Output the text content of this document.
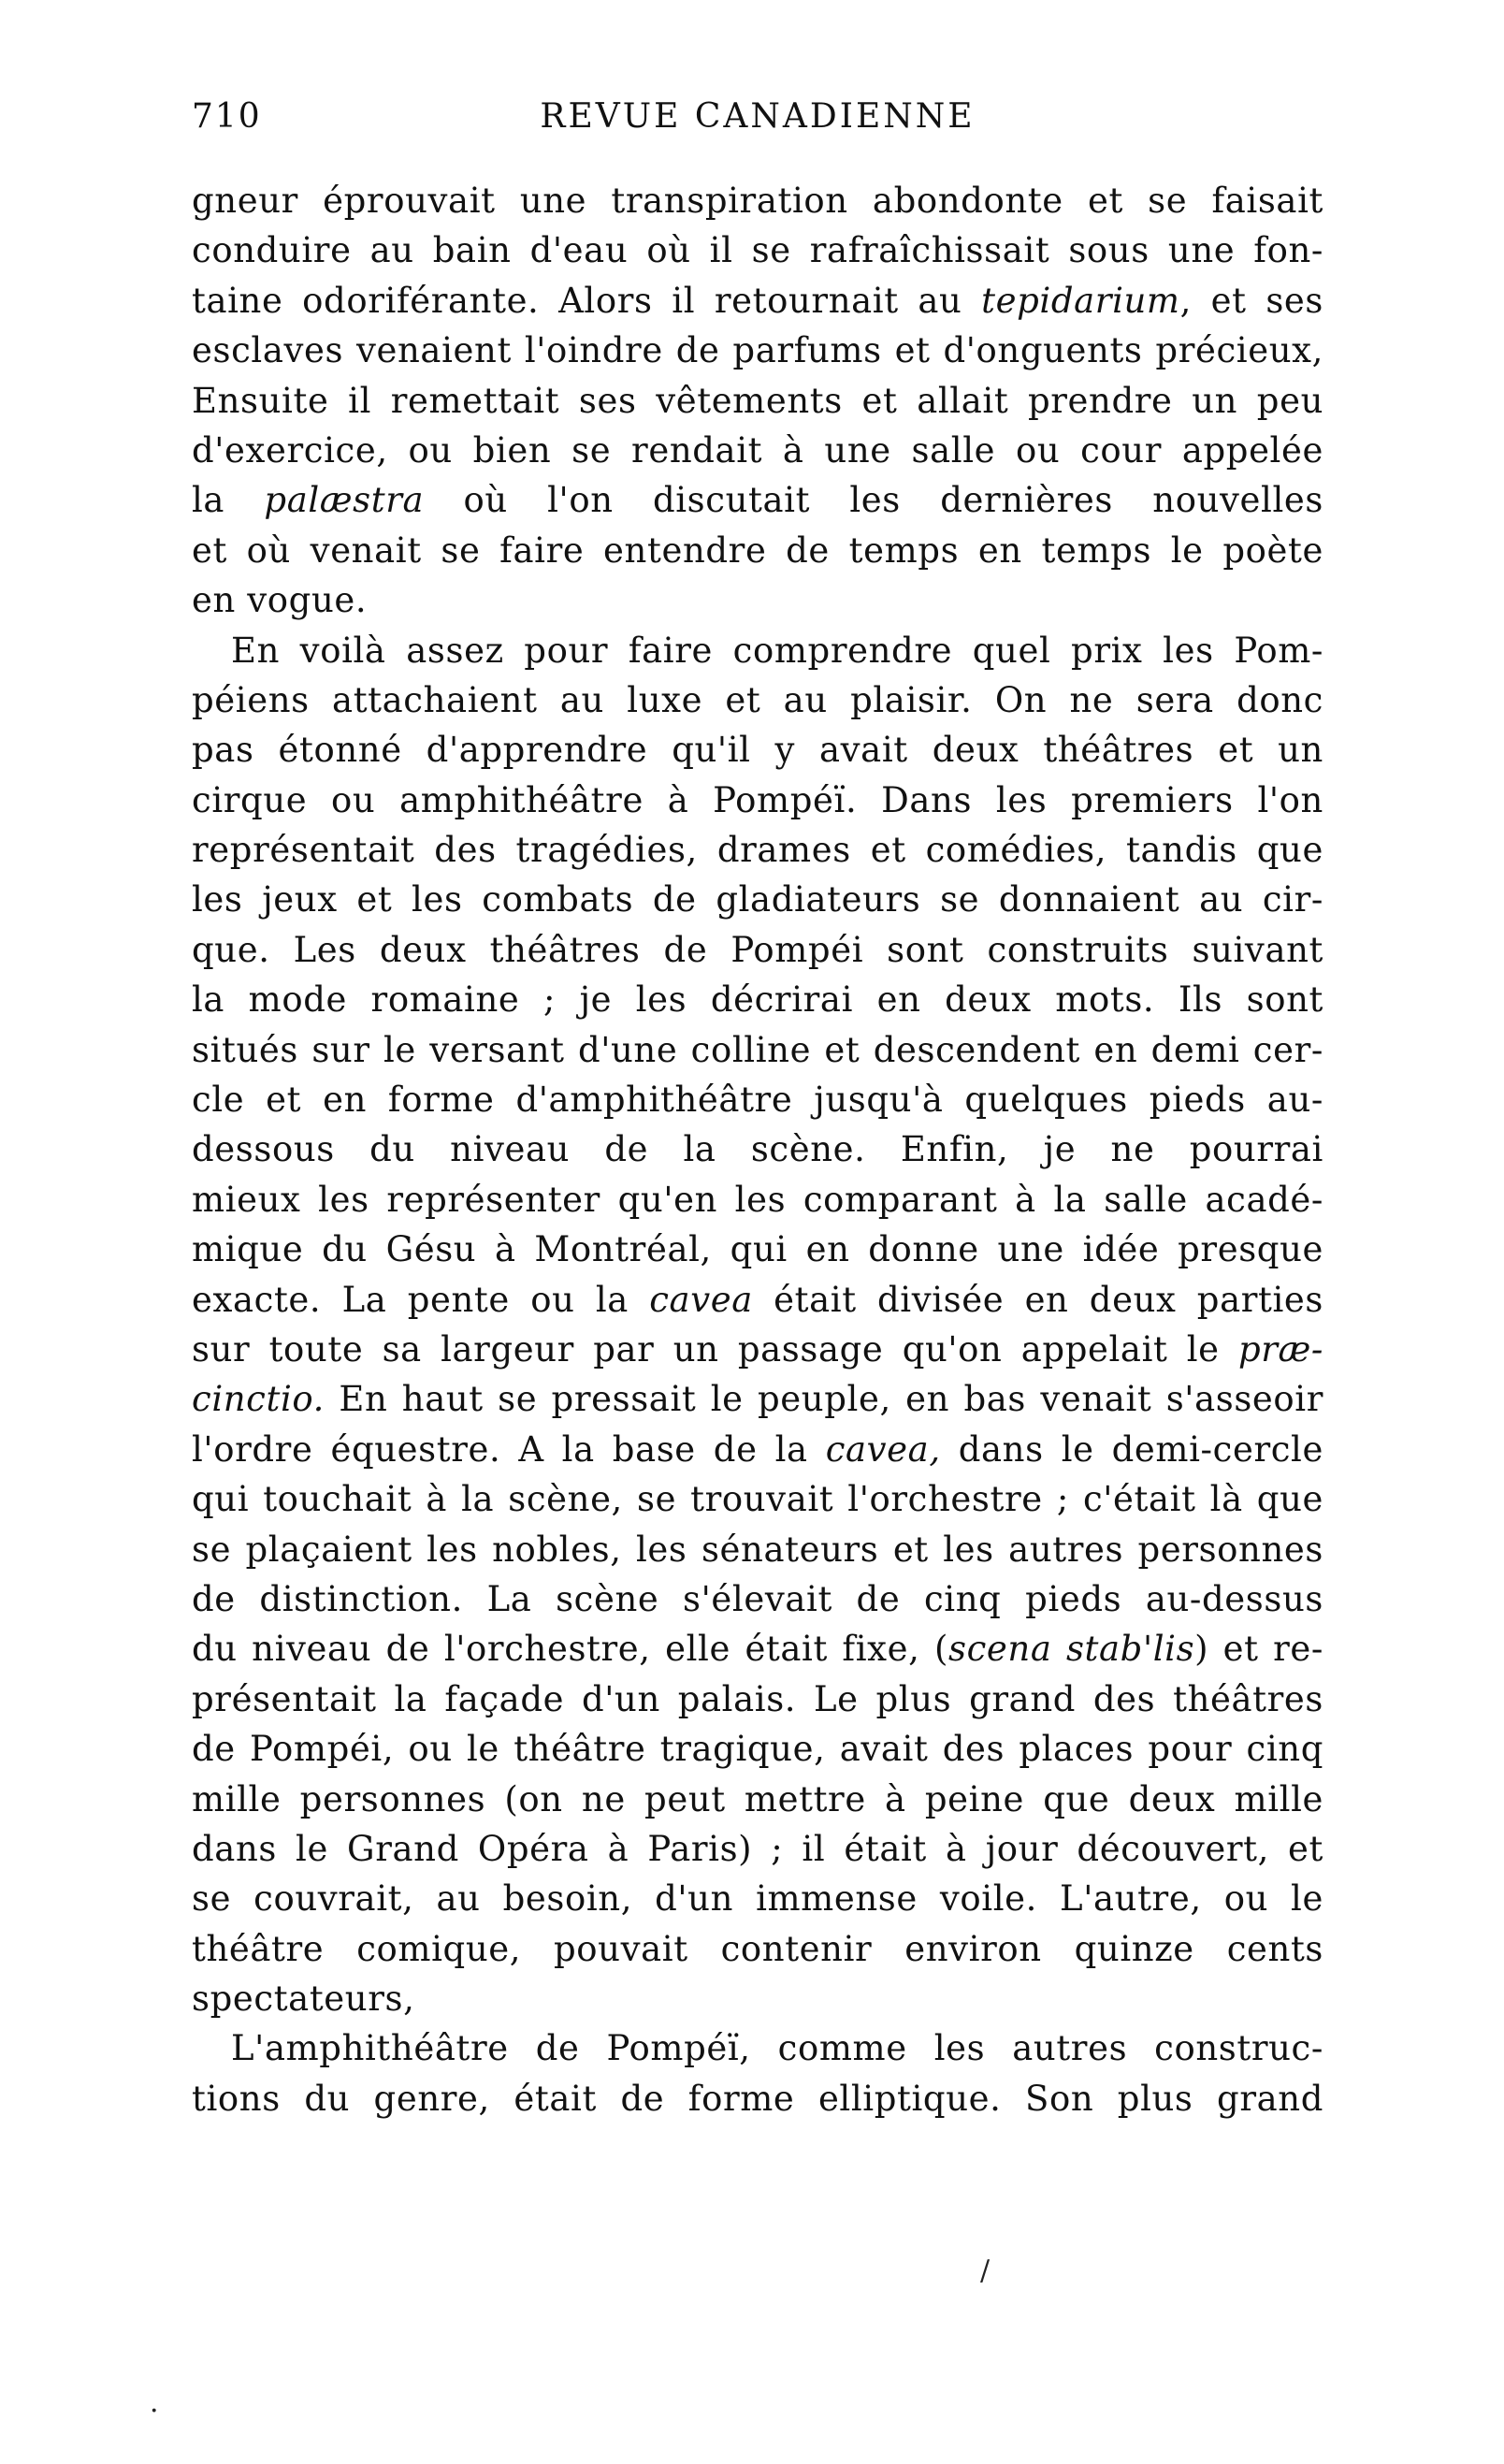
710	REVUE CANADIENNE
gneur éprouvait une transpiration abondonte et se faisait
conduire au bain d'eau où il se rafraîchissait sous une fon-
taine odoriférante. Alors il retournait au tepidarium, et ses
esclaves venaient l'oindre de parfums et d'onguents précieux,
Ensuite il remettait ses vêtements et allait prendre un peu
d'exercice, ou bien se rendait à une salle ou cour appelée
la palæstra où l'on discutait les dernières nouvelles
et où venait se faire entendre de temps en temps le poète
en vogue.
En voilà assez pour faire comprendre quel prix les Pom-
péiens attachaient au luxe et au plaisir. On ne sera donc
pas étonné d'apprendre qu'il y avait deux théâtres et un
cirque ou amphithéâtre à Pompéï. Dans les premiers l'on
représentait des tragédies, drames et comédies, tandis que
les jeux et les combats de gladiateurs se donnaient au cir-
que. Les deux théâtres de Pompéi sont construits suivant
la mode romaine ; je les décrirai en deux mots. Ils sont
situés sur le versant d'une colline et descendent en demi cer-
cle et en forme d'amphithéâtre jusqu'à quelques pieds au-
dessous du niveau de la scène. Enfin, je ne pourrai
mieux les représenter qu'en les comparant à la salle acadé-
mique du Gésu à Montréal, qui en donne une idée presque
exacte. La pente ou la cavea était divisée en deux parties
sur toute sa largeur par un passage qu'on appelait le præ-
cinctio. En haut se pressait le peuple, en bas venait s'asseoir
l'ordre équestre. A la base de la cavea, dans le demi-cercle
qui touchait à la scène, se trouvait l'orchestre ; c'était là que
se plaçaient les nobles, les sénateurs et les autres personnes
de distinction. La scène s'élevait de cinq pieds au-dessus
du niveau de l'orchestre, elle était fixe, (scena stab'lis) et re-
présentait la façade d'un palais. Le plus grand des théâtres
de Pompéi, ou le théâtre tragique, avait des places pour cinq
mille personnes (on ne peut mettre à peine que deux mille
dans le Grand Opéra à Paris) ; il était à jour découvert, et
se couvrait, au besoin, d'un immense voile. L'autre, ou le
théâtre comique, pouvait contenir environ quinze cents
spectateurs,
L'amphithéâtre de Pompéï, comme les autres construc-
tions du genre, était de forme elliptique. Son plus grand
/
·
